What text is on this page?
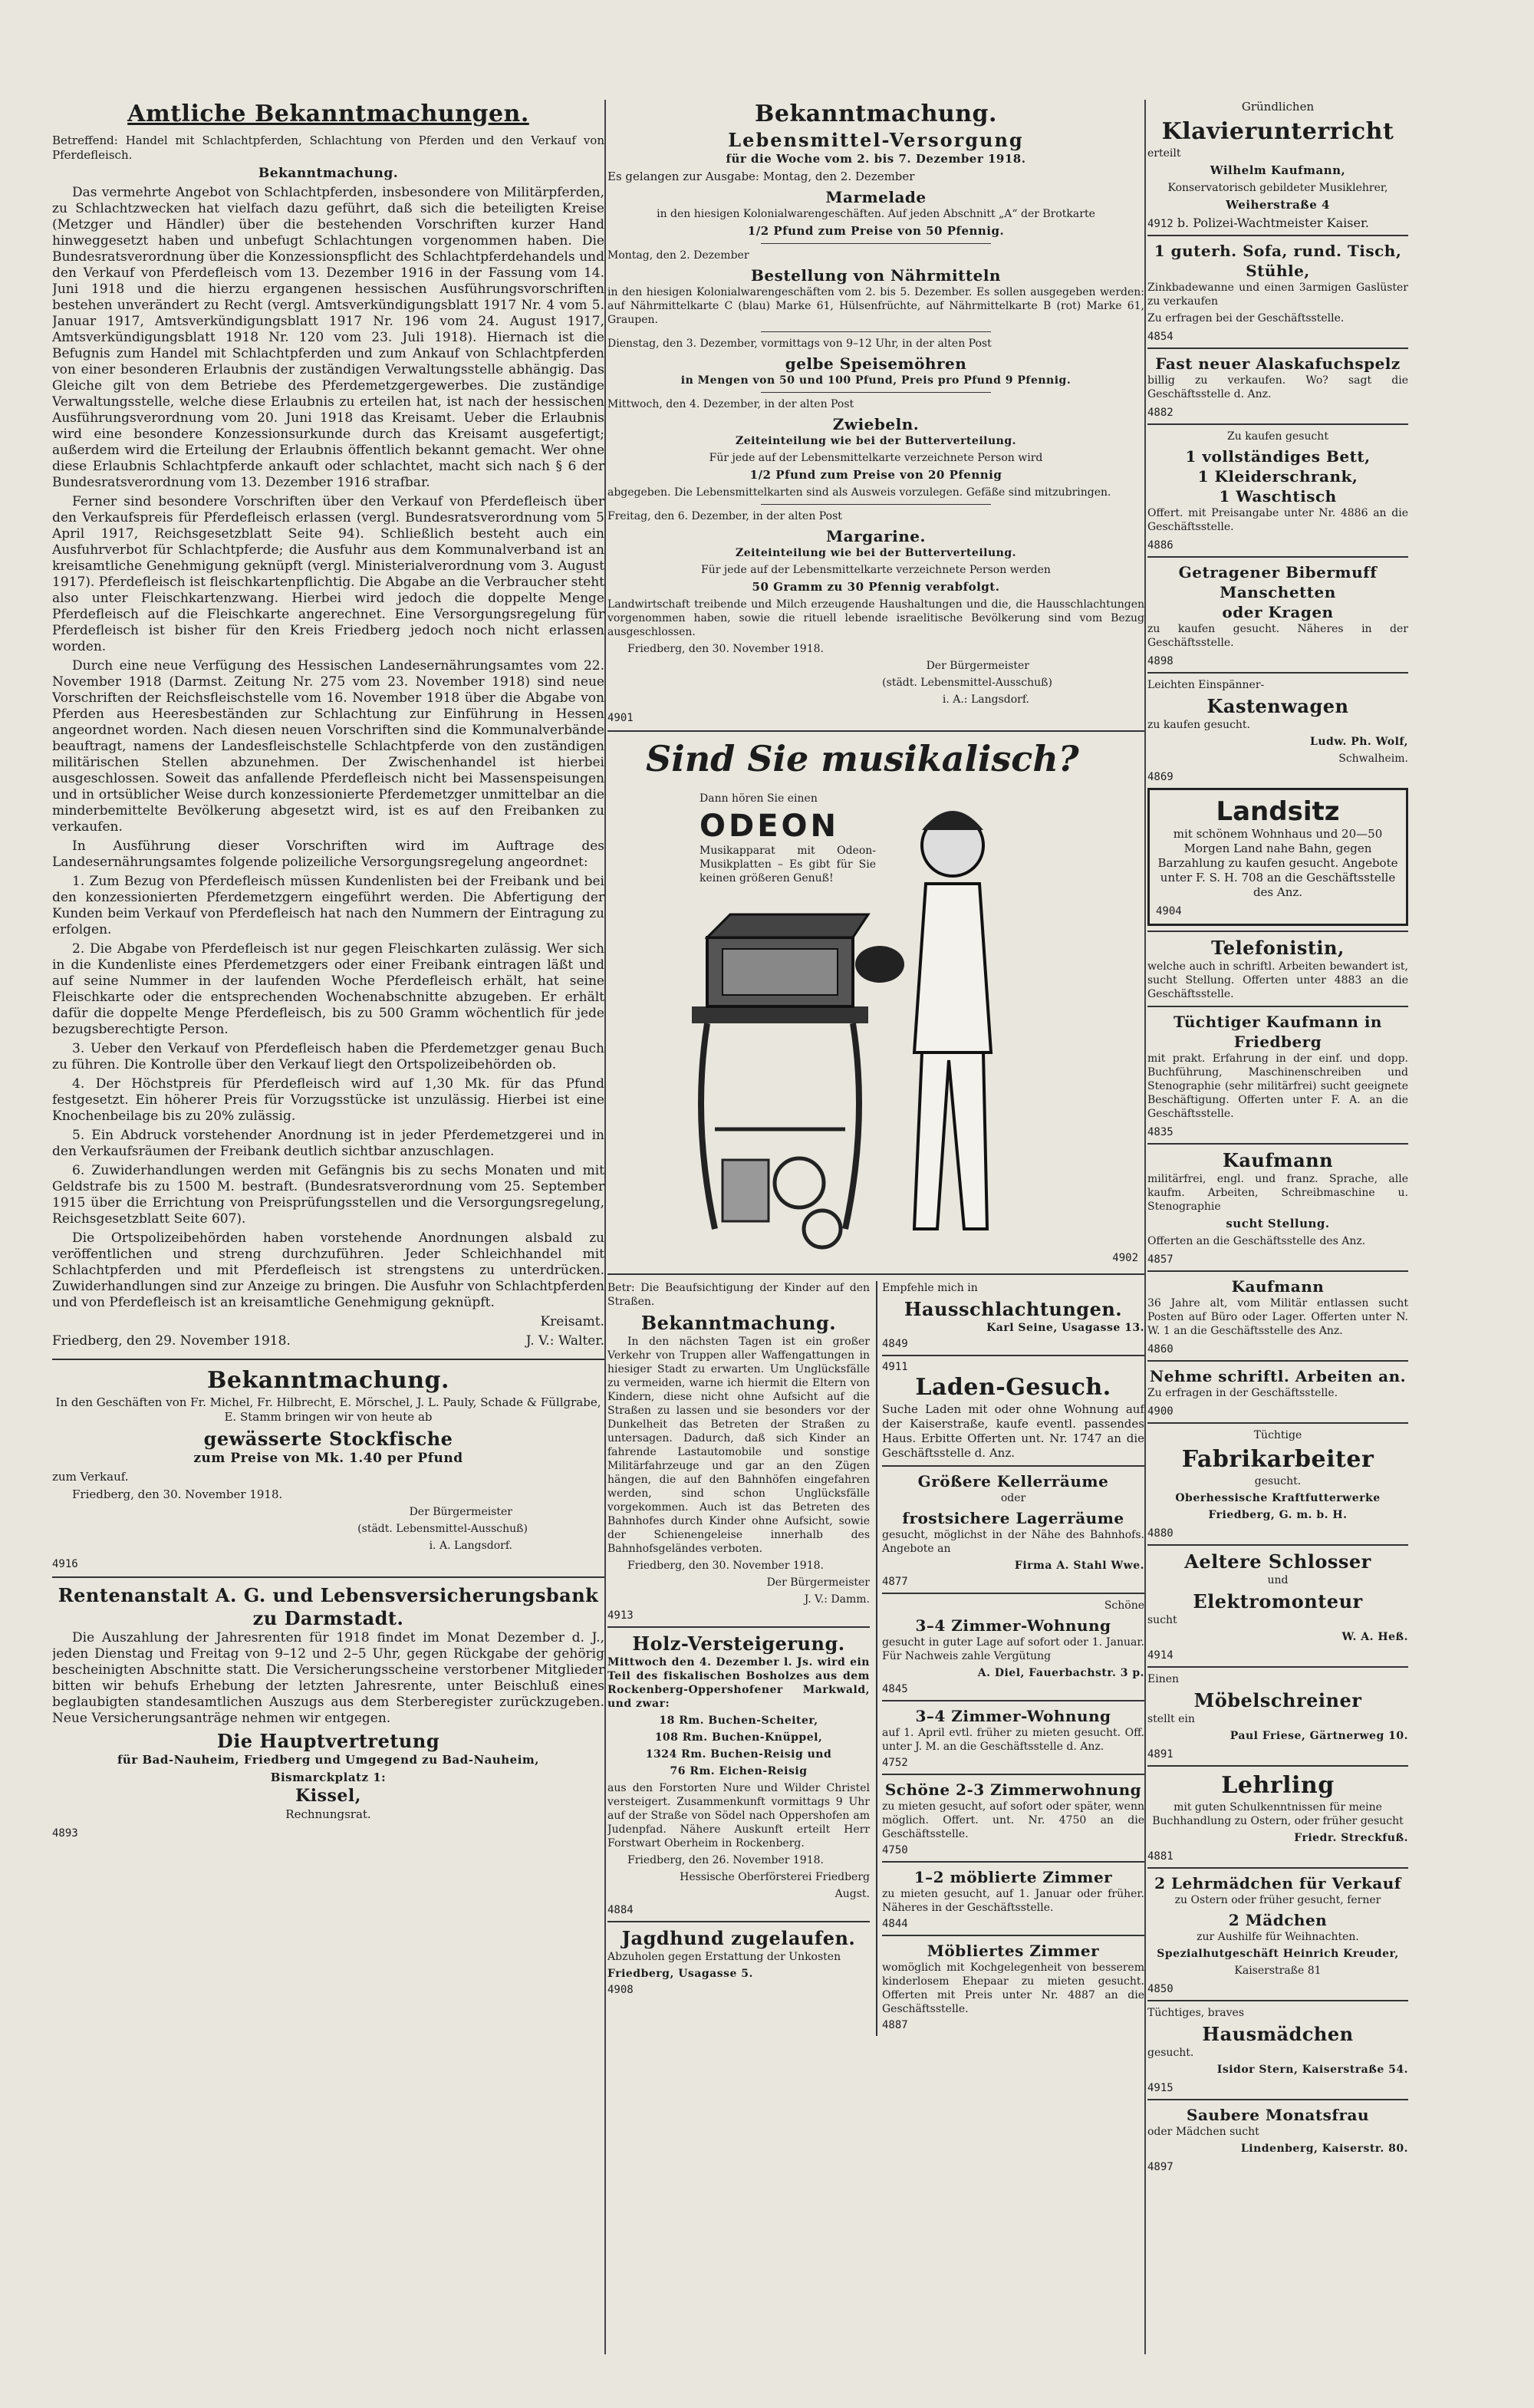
Amtliche Bekanntmachungen.

Betreffend: Handel mit Schlachtpferden, Schlachtung von Pferden und den Verkauf von Pferdefleisch.

Bekanntmachung.

Das vermehrte Angebot von Schlachtpferden, insbesondere von Militärpferden, zu Schlachtzwecken hat vielfach dazu geführt, daß sich die beteiligten Kreise (Metzger und Händler) über die bestehenden Vorschriften kurzer Hand hinweggesetzt haben und unbefugt Schlachtungen vorgenommen haben. Die Bundesratsverordnung über die Konzessionspflicht des Schlachtpferdehandels und den Verkauf von Pferdefleisch vom 13. Dezember 1916 in der Fassung vom 14. Juni 1918 und die hierzu ergangenen hessischen Ausführungsvorschriften bestehen unverändert zu Recht (vergl. Amtsverkündigungsblatt 1917 Nr. 4 vom 5. Januar 1917, Amtsverkündigungsblatt 1917 Nr. 196 vom 24. August 1917, Amtsverkündigungsblatt 1918 Nr. 120 vom 23. Juli 1918). Hiernach ist die Befugnis zum Handel mit Schlachtpferden und zum Ankauf von Schlachtpferden von einer besonderen Erlaubnis der zuständigen Verwaltungsstelle abhängig. Das Gleiche gilt von dem Betriebe des Pferdemetzgergewerbes. Die zuständige Verwaltungsstelle, welche diese Erlaubnis zu erteilen hat, ist nach der hessischen Ausführungsverordnung vom 20. Juni 1918 das Kreisamt. Ueber die Erlaubnis wird eine besondere Konzessionsurkunde durch das Kreisamt ausgefertigt; außerdem wird die Erteilung der Erlaubnis öffentlich bekannt gemacht. Wer ohne diese Erlaubnis Schlachtpferde ankauft oder schlachtet, macht sich nach § 6 der Bundesratsverordnung vom 13. Dezember 1916 strafbar.

Ferner sind besondere Vorschriften über den Verkauf von Pferdefleisch über den Verkaufspreis für Pferdefleisch erlassen (vergl. Bundesratsverordnung vom 5 April 1917, Reichsgesetzblatt Seite 94). Schließlich besteht auch ein Ausfuhrverbot für Schlachtpferde; die Ausfuhr aus dem Kommunalverband ist an kreisamtliche Genehmigung geknüpft (vergl. Ministerialverordnung vom 3. August 1917). Pferdefleisch ist fleischkartenpflichtig. Die Abgabe an die Verbraucher steht also unter Fleischkartenzwang. Hierbei wird jedoch die doppelte Menge Pferdefleisch auf die Fleischkarte angerechnet. Eine Versorgungsregelung für Pferdefleisch ist bisher für den Kreis Friedberg jedoch noch nicht erlassen worden.

Durch eine neue Verfügung des Hessischen Landesernährungsamtes vom 22. November 1918 (Darmst. Zeitung Nr. 275 vom 23. November 1918) sind neue Vorschriften der Reichsfleischstelle vom 16. November 1918 über die Abgabe von Pferden aus Heeresbeständen zur Schlachtung zur Einführung in Hessen angeordnet worden. Nach diesen neuen Vorschriften sind die Kommunalverbände beauftragt, namens der Landesfleischstelle Schlachtpferde von den zuständigen militärischen Stellen abzunehmen. Der Zwischenhandel ist hierbei ausgeschlossen. Soweit das anfallende Pferdefleisch nicht bei Massenspeisungen und in ortsüblicher Weise durch konzessionierte Pferdemetzger unmittelbar an die minderbemittelte Bevölkerung abgesetzt wird, ist es auf den Freibanken zu verkaufen.

In Ausführung dieser Vorschriften wird im Auftrage des Landesernährungsamtes folgende polizeiliche Versorgungsregelung angeordnet:

1. Zum Bezug von Pferdefleisch müssen Kundenlisten bei der Freibank und bei den konzessionierten Pferdemetzgern eingeführt werden. Die Abfertigung der Kunden beim Verkauf von Pferdefleisch hat nach den Nummern der Eintragung zu erfolgen.

2. Die Abgabe von Pferdefleisch ist nur gegen Fleischkarten zulässig. Wer sich in die Kundenliste eines Pferdemetzgers oder einer Freibank eintragen läßt und auf seine Nummer in der laufenden Woche Pferdefleisch erhält, hat seine Fleischkarte oder die entsprechenden Wochenabschnitte abzugeben. Er erhält dafür die doppelte Menge Pferdefleisch, bis zu 500 Gramm wöchentlich für jede bezugsberechtigte Person.

3. Ueber den Verkauf von Pferdefleisch haben die Pferdemetzger genau Buch zu führen. Die Kontrolle über den Verkauf liegt den Ortspolizeibehörden ob.

4. Der Höchstpreis für Pferdefleisch wird auf 1,30 Mk. für das Pfund festgesetzt. Ein höherer Preis für Vorzugsstücke ist unzulässig. Hierbei ist eine Knochenbeilage bis zu 20% zulässig.

5. Ein Abdruck vorstehender Anordnung ist in jeder Pferdemetzgerei und in den Verkaufsräumen der Freibank deutlich sichtbar anzuschlagen.

6. Zuwiderhandlungen werden mit Gefängnis bis zu sechs Monaten und mit Geldstrafe bis zu 1500 M. bestraft. (Bundesratsverordnung vom 25. September 1915 über die Errichtung von Preisprüfungsstellen und die Versorgungsregelung, Reichsgesetzblatt Seite 607).

Die Ortspolizeibehörden haben vorstehende Anordnungen alsbald zu veröffentlichen und streng durchzuführen. Jeder Schleichhandel mit Schlachtpferden und mit Pferdefleisch ist strengstens zu unterdrücken. Zuwiderhandlungen sind zur Anzeige zu bringen. Die Ausfuhr von Schlachtpferden und von Pferdefleisch ist an kreisamtliche Genehmigung geknüpft.

Kreisamt.

Friedberg, den 29. November 1918.	J. V.: Walter.

Bekanntmachung.

In den Geschäften von Fr. Michel, Fr. Hilbrecht, E. Mörschel, J. L. Pauly, Schade & Füllgrabe, E. Stamm bringen wir von heute ab

gewässerte Stockfische

zum Preise von Mk. 1.40 per Pfund

zum Verkauf.

Friedberg, den 30. November 1918.

Der Bürgermeister

(städt. Lebensmittel-Ausschuß)

i. A. Langsdorf.

4916
Rentenanstalt A. G. und Lebensversicherungsbank zu Darmstadt.

Die Auszahlung der Jahresrenten für 1918 findet im Monat Dezember d. J., jeden Dienstag und Freitag von 9–12 und 2–5 Uhr, gegen Rückgabe der gehörig bescheinigten Abschnitte statt. Die Versicherungsscheine verstorbener Mitglieder bitten wir behufs Erhebung der letzten Jahresrente, unter Beischluß eines beglaubigten standesamtlichen Auszugs aus dem Sterberegister zurückzugeben. Neue Versicherungsanträge nehmen wir entgegen.

Die Hauptvertretung

für Bad-Nauheim, Friedberg und Umgegend zu Bad-Nauheim,

Bismarckplatz 1:

Kissel,

Rechnungsrat.

4893
Bekanntmachung.
Lebensmittel-Versorgung

für die Woche vom 2. bis 7. Dezember 1918.

Es gelangen zur Ausgabe: Montag, den 2. Dezember

Marmelade

in den hiesigen Kolonialwarengeschäften. Auf jeden Abschnitt „A“ der Brotkarte

1/2 Pfund zum Preise von 50 Pfennig.

Montag, den 2. Dezember

Bestellung von Nährmitteln

in den hiesigen Kolonialwarengeschäften vom 2. bis 5. Dezember. Es sollen ausgegeben werden: auf Nährmittelkarte C (blau) Marke 61, Hülsenfrüchte, auf Nährmittelkarte B (rot) Marke 61, Graupen.

Dienstag, den 3. Dezember, vormittags von 9–12 Uhr, in der alten Post

gelbe Speisemöhren

in Mengen von 50 und 100 Pfund, Preis pro Pfund 9 Pfennig.

Mittwoch, den 4. Dezember, in der alten Post

Zwiebeln.

Zeiteinteilung wie bei der Butterverteilung.

Für jede auf der Lebensmittelkarte verzeichnete Person wird

1/2 Pfund zum Preise von 20 Pfennig

abgegeben. Die Lebensmittelkarten sind als Ausweis vorzulegen. Gefäße sind mitzubringen.

Freitag, den 6. Dezember, in der alten Post

Margarine.

Zeiteinteilung wie bei der Butterverteilung.

Für jede auf der Lebensmittelkarte verzeichnete Person werden

50 Gramm zu 30 Pfennig verabfolgt.

Landwirtschaft treibende und Milch erzeugende Haushaltungen und die, die Hausschlachtungen vorgenommen haben, sowie die rituell lebende israelitische Bevölkerung sind vom Bezug ausgeschlossen.

Friedberg, den 30. November 1918.

Der Bürgermeister

(städt. Lebensmittel-Ausschuß)

i. A.: Langsdorf.

4901
Sind Sie musikalisch?

Dann hören Sie einen

ODEON

Musikapparat mit Odeon-Musikplatten – Es gibt für Sie keinen größeren Genuß!

4902

Betr: Die Beaufsichtigung der Kinder auf den Straßen.

Bekanntmachung.

In den nächsten Tagen ist ein großer Verkehr von Truppen aller Waffengattungen in hiesiger Stadt zu erwarten. Um Unglücksfälle zu vermeiden, warne ich hiermit die Eltern von Kindern, diese nicht ohne Aufsicht auf die Straßen zu lassen und sie besonders vor der Dunkelheit das Betreten der Straßen zu untersagen. Dadurch, daß sich Kinder an fahrende Lastautomobile und sonstige Militärfahrzeuge und gar an den Zügen hängen, die auf den Bahnhöfen eingefahren werden, sind schon Unglücksfälle vorgekommen. Auch ist das Betreten des Bahnhofes durch Kinder ohne Aufsicht, sowie der Schienengeleise innerhalb des Bahnhofsgeländes verboten.

Friedberg, den 30. November 1918.

Der Bürgermeister

J. V.: Damm.

4913
Holz-Versteigerung.

Mittwoch den 4. Dezember l. Js. wird ein Teil des fiskalischen Bosholzes aus dem Rockenberg-Oppershofener Markwald, und zwar:

18 Rm. Buchen-Scheiter,

108 Rm. Buchen-Knüppel,

1324 Rm. Buchen-Reisig und

76 Rm. Eichen-Reisig

aus den Forstorten Nure und Wilder Christel versteigert. Zusammenkunft vormittags 9 Uhr auf der Straße von Södel nach Oppershofen am Judenpfad. Nähere Auskunft erteilt Herr Forstwart Oberheim in Rockenberg.

Friedberg, den 26. November 1918.

Hessische Oberförsterei Friedberg

Augst.

4884
Jagdhund zugelaufen.

Abzuholen gegen Erstattung der Unkosten

Friedberg, Usagasse 5.

4908

Empfehle mich in

Hausschlachtungen.

Karl Seine, Usagasse 13.

4849
4911
Laden-Gesuch.

Suche Laden mit oder ohne Wohnung auf der Kaiserstraße, kaufe eventl. passendes Haus. Erbitte Offerten unt. Nr. 1747 an die Geschäftsstelle d. Anz.

Größere Kellerräume

oder

frostsichere Lagerräume

gesucht, möglichst in der Nähe des Bahnhofs. Angebote an

Firma A. Stahl Wwe.

4877

Schöne

3–4 Zimmer-Wohnung

gesucht in guter Lage auf sofort oder 1. Januar. Für Nachweis zahle Vergütung

A. Diel, Fauerbachstr. 3 p.

4845
3–4 Zimmer-Wohnung

auf 1. April evtl. früher zu mieten gesucht. Off. unter J. M. an die Geschäftsstelle d. Anz.

4752
Schöne 2-3 Zimmerwohnung

zu mieten gesucht, auf sofort oder später, wenn möglich. Offert. unt. Nr. 4750 an die Geschäftsstelle.

4750
1–2 möblierte Zimmer

zu mieten gesucht, auf 1. Januar oder früher. Näheres in der Geschäftsstelle.

4844
Möbliertes Zimmer

womöglich mit Kochgelegenheit von besserem kinderlosem Ehepaar zu mieten gesucht. Offerten mit Preis unter Nr. 4887 an die Geschäftsstelle.

4887

Gründlichen

Klavierunterricht

erteilt

Wilhelm Kaufmann,

Konservatorisch gebildeter Musiklehrer,

Weiherstraße 4

4912 b. Polizei-Wachtmeister Kaiser.
1 guterh. Sofa, rund. Tisch, Stühle,

Zinkbadewanne und einen 3armigen Gaslüster zu verkaufen

Zu erfragen bei der Geschäftsstelle.

4854
Fast neuer Alaskafuchspelz

billig zu verkaufen. Wo? sagt die Geschäftsstelle d. Anz.

4882

Zu kaufen gesucht

1 vollständiges Bett,
1 Kleiderschrank,
1 Waschtisch

Offert. mit Preisangabe unter Nr. 4886 an die Geschäftsstelle.

4886
Getragener Bibermuff
Manschetten
oder Kragen

zu kaufen gesucht. Näheres in der Geschäftsstelle.

4898

Leichten Einspänner-

Kastenwagen

zu kaufen gesucht.

Ludw. Ph. Wolf,

Schwalheim.

4869
Landsitz

mit schönem Wohnhaus und 20—50 Morgen Land nahe Bahn, gegen Barzahlung zu kaufen gesucht. Angebote unter F. S. H. 708 an die Geschäftsstelle des Anz.

4904
Telefonistin,

welche auch in schriftl. Arbeiten bewandert ist, sucht Stellung. Offerten unter 4883 an die Geschäftsstelle.

Tüchtiger Kaufmann in Friedberg

mit prakt. Erfahrung in der einf. und dopp. Buchführung, Maschinenschreiben und Stenographie (sehr militärfrei) sucht geeignete Beschäftigung. Offerten unter F. A. an die Geschäftsstelle.

4835
Kaufmann

militärfrei, engl. und franz. Sprache, alle kaufm. Arbeiten, Schreibmaschine u. Stenographie

sucht Stellung.

Offerten an die Geschäftsstelle des Anz.

4857
Kaufmann

36 Jahre alt, vom Militär entlassen sucht Posten auf Büro oder Lager. Offerten unter N. W. 1 an die Geschäftsstelle des Anz.

4860
Nehme schriftl. Arbeiten an.

Zu erfragen in der Geschäftsstelle.

4900

Tüchtige

Fabrikarbeiter

gesucht.

Oberhessische Kraftfutterwerke

Friedberg, G. m. b. H.

4880
Aeltere Schlosser

und

Elektromonteur

sucht

W. A. Heß.

4914

Einen

Möbelschreiner

stellt ein

Paul Friese, Gärtnerweg 10.

4891
Lehrling

mit guten Schulkenntnissen für meine Buchhandlung zu Ostern, oder früher gesucht

Friedr. Streckfuß.

4881
2 Lehrmädchen für Verkauf

zu Ostern oder früher gesucht, ferner

2 Mädchen

zur Aushilfe für Weihnachten.

Spezialhutgeschäft Heinrich Kreuder,

Kaiserstraße 81

4850

Tüchtiges, braves

Hausmädchen

gesucht.

Isidor Stern, Kaiserstraße 54.

4915
Saubere Monatsfrau

oder Mädchen sucht

Lindenberg, Kaiserstr. 80.

4897
